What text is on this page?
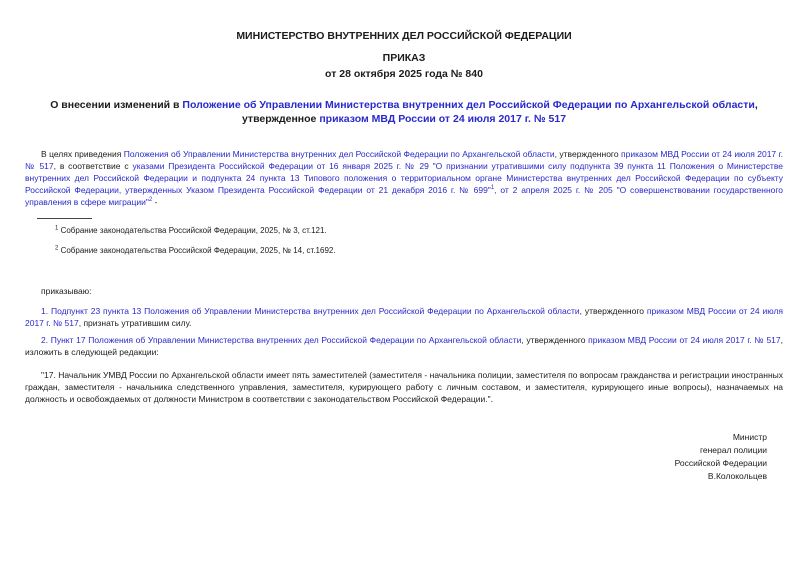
МИНИСТЕРСТВО ВНУТРЕННИХ ДЕЛ РОССИЙСКОЙ ФЕДЕРАЦИИ
ПРИКАЗ
от 28 октября 2025 года № 840
О внесении изменений в Положение об Управлении Министерства внутренних дел Российской Федерации по Архангельской области, утвержденное приказом МВД России от 24 июля 2017 г. № 517

В целях приведения Положения об Управлении Министерства внутренних дел Российской Федерации по Архангельской области, утвержденного приказом МВД России от 24 июля 2017 г. № 517, в соответствие с указами Президента Российской Федерации от 16 января 2025 г. № 29 "О признании утратившими силу подпункта 39 пункта 11 Положения о Министерстве внутренних дел Российской Федерации и подпункта 24 пункта 13 Типового положения о территориальном органе Министерства внутренних дел Российской Федерации по субъекту Российской Федерации, утвержденных Указом Президента Российской Федерации от 21 декабря 2016 г. № 699"$^1$, от 2 апреля 2025 г. № 205 "О совершенствовании государственного управления в сфере миграции"$^2$ -

$^1$ Собрание законодательства Российской Федерации, 2025, № 3, ст.121.

$^2$ Собрание законодательства Российской Федерации, 2025, № 14, ст.1692.

приказываю:

1. Подпункт 23 пункта 13 Положения об Управлении Министерства внутренних дел Российской Федерации по Архангельской области, утвержденного приказом МВД России от 24 июля 2017 г. № 517, признать утратившим силу.

2. Пункт 17 Положения об Управлении Министерства внутренних дел Российской Федерации по Архангельской области, утвержденного приказом МВД России от 24 июля 2017 г. № 517, изложить в следующей редакции:

"17. Начальник УМВД России по Архангельской области имеет пять заместителей (заместителя - начальника полиции, заместителя по вопросам гражданства и регистрации иностранных граждан, заместителя - начальника следственного управления, заместителя, курирующего работу с личным составом, и заместителя, курирующего иные вопросы), назначаемых на должность и освобождаемых от должности Министром в соответствии с законодательством Российской Федерации.".

Министр
генерал полиции
Российской Федерации
В.Колокольцев
